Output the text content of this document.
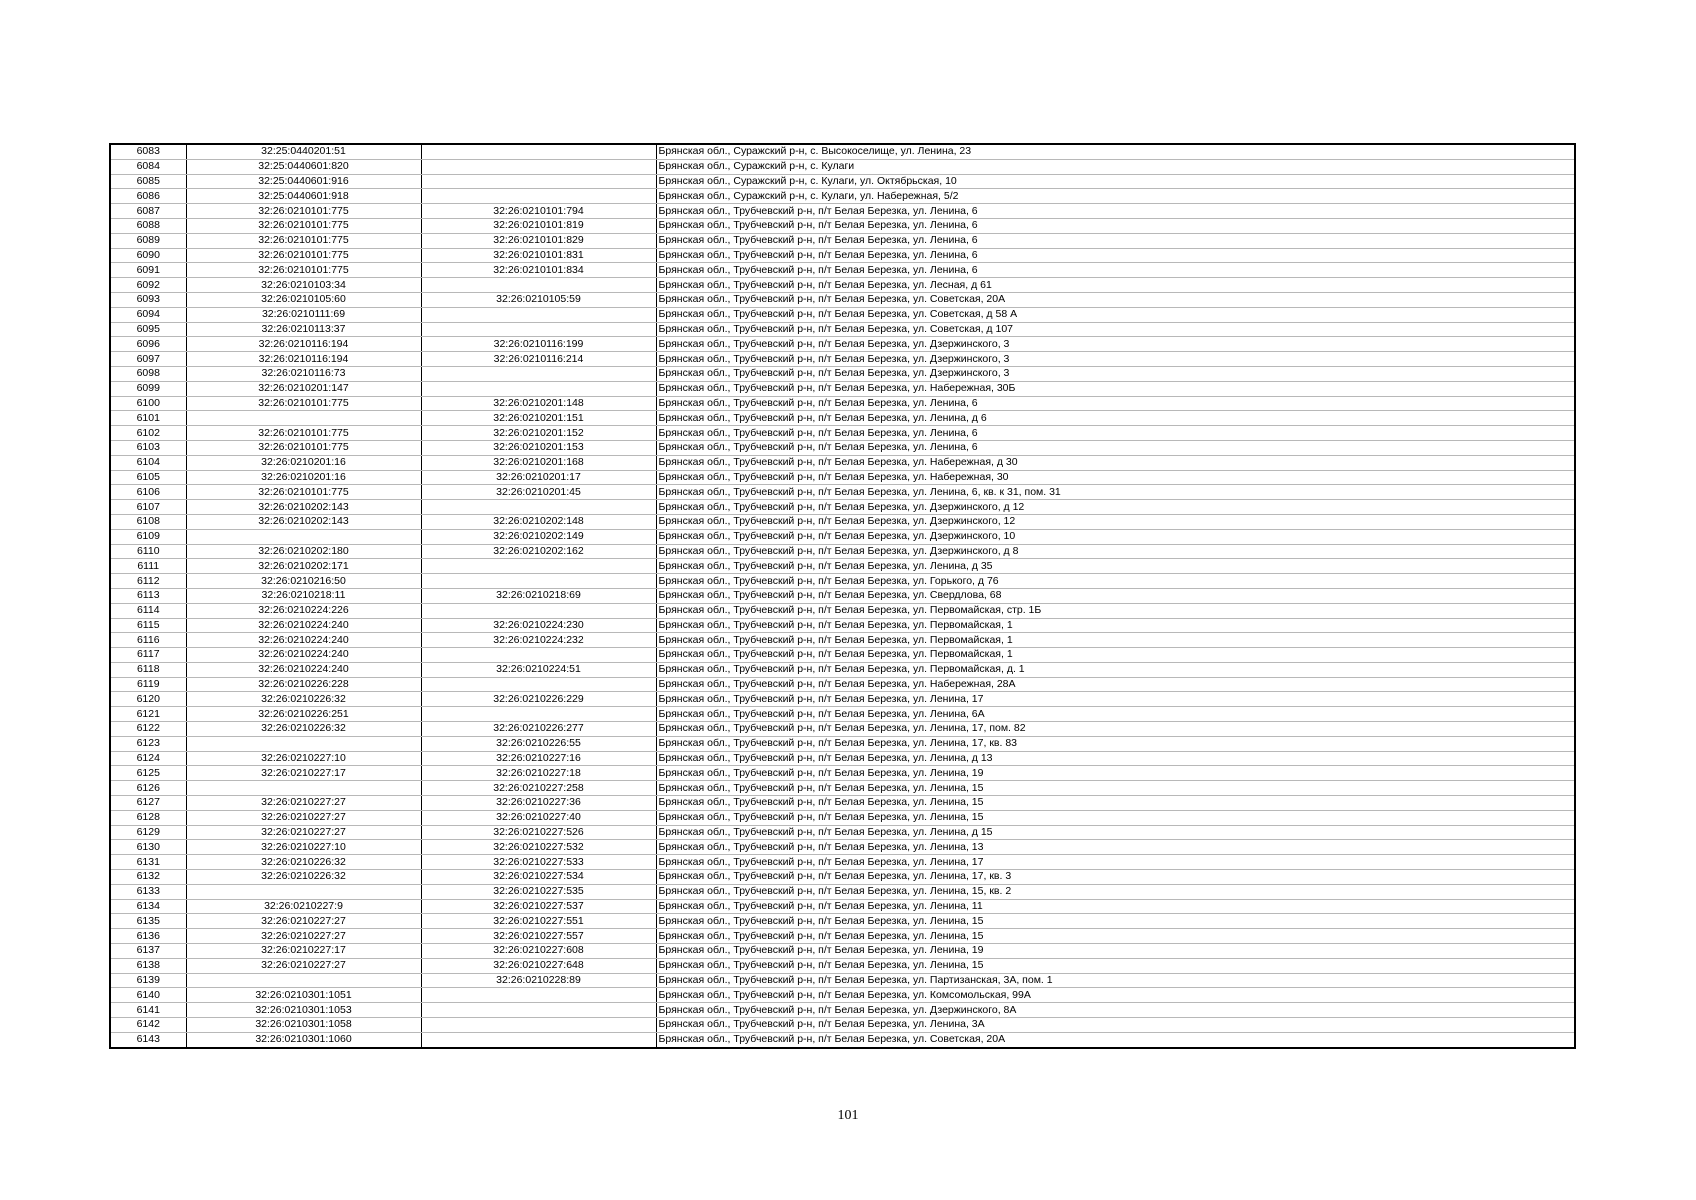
6083	32:25:0440201:51		Брянская обл., Суражский р-н, с. Высокоселище, ул. Ленина, 23
6084	32:25:0440601:820		Брянская обл., Суражский р-н, с. Кулаги
6085	32:25:0440601:916		Брянская обл., Суражский р-н, с. Кулаги, ул. Октябрьская, 10
6086	32:25:0440601:918		Брянская обл., Суражский р-н, с. Кулаги, ул. Набережная, 5/2
6087	32:26:0210101:775	32:26:0210101:794	Брянская обл., Трубчевский р-н, п/т Белая Березка, ул. Ленина, 6
6088	32:26:0210101:775	32:26:0210101:819	Брянская обл., Трубчевский р-н, п/т Белая Березка, ул. Ленина, 6
6089	32:26:0210101:775	32:26:0210101:829	Брянская обл., Трубчевский р-н, п/т Белая Березка, ул. Ленина, 6
6090	32:26:0210101:775	32:26:0210101:831	Брянская обл., Трубчевский р-н, п/т Белая Березка, ул. Ленина, 6
6091	32:26:0210101:775	32:26:0210101:834	Брянская обл., Трубчевский р-н, п/т Белая Березка, ул. Ленина, 6
6092	32:26:0210103:34		Брянская обл., Трубчевский р-н, п/т Белая Березка, ул. Лесная, д 61
6093	32:26:0210105:60	32:26:0210105:59	Брянская обл., Трубчевский р-н, п/т Белая Березка, ул. Советская, 20А
6094	32:26:0210111:69		Брянская обл., Трубчевский р-н, п/т Белая Березка, ул. Советская, д 58 А
6095	32:26:0210113:37		Брянская обл., Трубчевский р-н, п/т Белая Березка, ул. Советская, д 107
6096	32:26:0210116:194	32:26:0210116:199	Брянская обл., Трубчевский р-н, п/т Белая Березка, ул. Дзержинского, 3
6097	32:26:0210116:194	32:26:0210116:214	Брянская обл., Трубчевский р-н, п/т Белая Березка, ул. Дзержинского, 3
6098	32:26:0210116:73		Брянская обл., Трубчевский р-н, п/т Белая Березка, ул. Дзержинского, 3
6099	32:26:0210201:147		Брянская обл., Трубчевский р-н, п/т Белая Березка, ул. Набережная, 30Б
6100	32:26:0210101:775	32:26:0210201:148	Брянская обл., Трубчевский р-н, п/т Белая Березка, ул. Ленина, 6
6101		32:26:0210201:151	Брянская обл., Трубчевский р-н, п/т Белая Березка, ул. Ленина, д 6
6102	32:26:0210101:775	32:26:0210201:152	Брянская обл., Трубчевский р-н, п/т Белая Березка, ул. Ленина, 6
6103	32:26:0210101:775	32:26:0210201:153	Брянская обл., Трубчевский р-н, п/т Белая Березка, ул. Ленина, 6
6104	32:26:0210201:16	32:26:0210201:168	Брянская обл., Трубчевский р-н, п/т Белая Березка, ул. Набережная, д 30
6105	32:26:0210201:16	32:26:0210201:17	Брянская обл., Трубчевский р-н, п/т Белая Березка, ул. Набережная, 30
6106	32:26:0210101:775	32:26:0210201:45	Брянская обл., Трубчевский р-н, п/т Белая Березка, ул. Ленина, 6, кв. к 31, пом. 31
6107	32:26:0210202:143		Брянская обл., Трубчевский р-н, п/т Белая Березка, ул. Дзержинского, д 12
6108	32:26:0210202:143	32:26:0210202:148	Брянская обл., Трубчевский р-н, п/т Белая Березка, ул. Дзержинского, 12
6109		32:26:0210202:149	Брянская обл., Трубчевский р-н, п/т Белая Березка, ул. Дзержинского, 10
6110	32:26:0210202:180	32:26:0210202:162	Брянская обл., Трубчевский р-н, п/т Белая Березка, ул. Дзержинского, д 8
6111	32:26:0210202:171		Брянская обл., Трубчевский р-н, п/т Белая Березка, ул. Ленина, д 35
6112	32:26:0210216:50		Брянская обл., Трубчевский р-н, п/т Белая Березка, ул. Горького, д 76
6113	32:26:0210218:11	32:26:0210218:69	Брянская обл., Трубчевский р-н, п/т Белая Березка, ул. Свердлова, 68
6114	32:26:0210224:226		Брянская обл., Трубчевский р-н, п/т Белая Березка, ул. Первомайская, стр. 1Б
6115	32:26:0210224:240	32:26:0210224:230	Брянская обл., Трубчевский р-н, п/т Белая Березка, ул. Первомайская, 1
6116	32:26:0210224:240	32:26:0210224:232	Брянская обл., Трубчевский р-н, п/т Белая Березка, ул. Первомайская, 1
6117	32:26:0210224:240		Брянская обл., Трубчевский р-н, п/т Белая Березка, ул. Первомайская, 1
6118	32:26:0210224:240	32:26:0210224:51	Брянская обл., Трубчевский р-н, п/т Белая Березка, ул. Первомайская, д. 1
6119	32:26:0210226:228		Брянская обл., Трубчевский р-н, п/т Белая Березка, ул. Набережная, 28А
6120	32:26:0210226:32	32:26:0210226:229	Брянская обл., Трубчевский р-н, п/т Белая Березка, ул. Ленина, 17
6121	32:26:0210226:251		Брянская обл., Трубчевский р-н, п/т Белая Березка, ул. Ленина, 6А
6122	32:26:0210226:32	32:26:0210226:277	Брянская обл., Трубчевский р-н, п/т Белая Березка, ул. Ленина, 17, пом. 82
6123		32:26:0210226:55	Брянская обл., Трубчевский р-н, п/т Белая Березка, ул. Ленина, 17, кв. 83
6124	32:26:0210227:10	32:26:0210227:16	Брянская обл., Трубчевский р-н, п/т Белая Березка, ул. Ленина, д 13
6125	32:26:0210227:17	32:26:0210227:18	Брянская обл., Трубчевский р-н, п/т Белая Березка, ул. Ленина, 19
6126		32:26:0210227:258	Брянская обл., Трубчевский р-н, п/т Белая Березка, ул. Ленина, 15
6127	32:26:0210227:27	32:26:0210227:36	Брянская обл., Трубчевский р-н, п/т Белая Березка, ул. Ленина, 15
6128	32:26:0210227:27	32:26:0210227:40	Брянская обл., Трубчевский р-н, п/т Белая Березка, ул. Ленина, 15
6129	32:26:0210227:27	32:26:0210227:526	Брянская обл., Трубчевский р-н, п/т Белая Березка, ул. Ленина, д 15
6130	32:26:0210227:10	32:26:0210227:532	Брянская обл., Трубчевский р-н, п/т Белая Березка, ул. Ленина, 13
6131	32:26:0210226:32	32:26:0210227:533	Брянская обл., Трубчевский р-н, п/т Белая Березка, ул. Ленина, 17
6132	32:26:0210226:32	32:26:0210227:534	Брянская обл., Трубчевский р-н, п/т Белая Березка, ул. Ленина, 17, кв. 3
6133		32:26:0210227:535	Брянская обл., Трубчевский р-н, п/т Белая Березка, ул. Ленина, 15, кв. 2
6134	32:26:0210227:9	32:26:0210227:537	Брянская обл., Трубчевский р-н, п/т Белая Березка, ул. Ленина, 11
6135	32:26:0210227:27	32:26:0210227:551	Брянская обл., Трубчевский р-н, п/т Белая Березка, ул. Ленина, 15
6136	32:26:0210227:27	32:26:0210227:557	Брянская обл., Трубчевский р-н, п/т Белая Березка, ул. Ленина, 15
6137	32:26:0210227:17	32:26:0210227:608	Брянская обл., Трубчевский р-н, п/т Белая Березка, ул. Ленина, 19
6138	32:26:0210227:27	32:26:0210227:648	Брянская обл., Трубчевский р-н, п/т Белая Березка, ул. Ленина, 15
6139		32:26:0210228:89	Брянская обл., Трубчевский р-н, п/т Белая Березка, ул. Партизанская, 3А, пом. 1
6140	32:26:0210301:1051		Брянская обл., Трубчевский р-н, п/т Белая Березка, ул. Комсомольская, 99А
6141	32:26:0210301:1053		Брянская обл., Трубчевский р-н, п/т Белая Березка, ул. Дзержинского, 8А
6142	32:26:0210301:1058		Брянская обл., Трубчевский р-н, п/т Белая Березка, ул. Ленина, 3А
6143	32:26:0210301:1060		Брянская обл., Трубчевский р-н, п/т Белая Березка, ул. Советская, 20А
101
